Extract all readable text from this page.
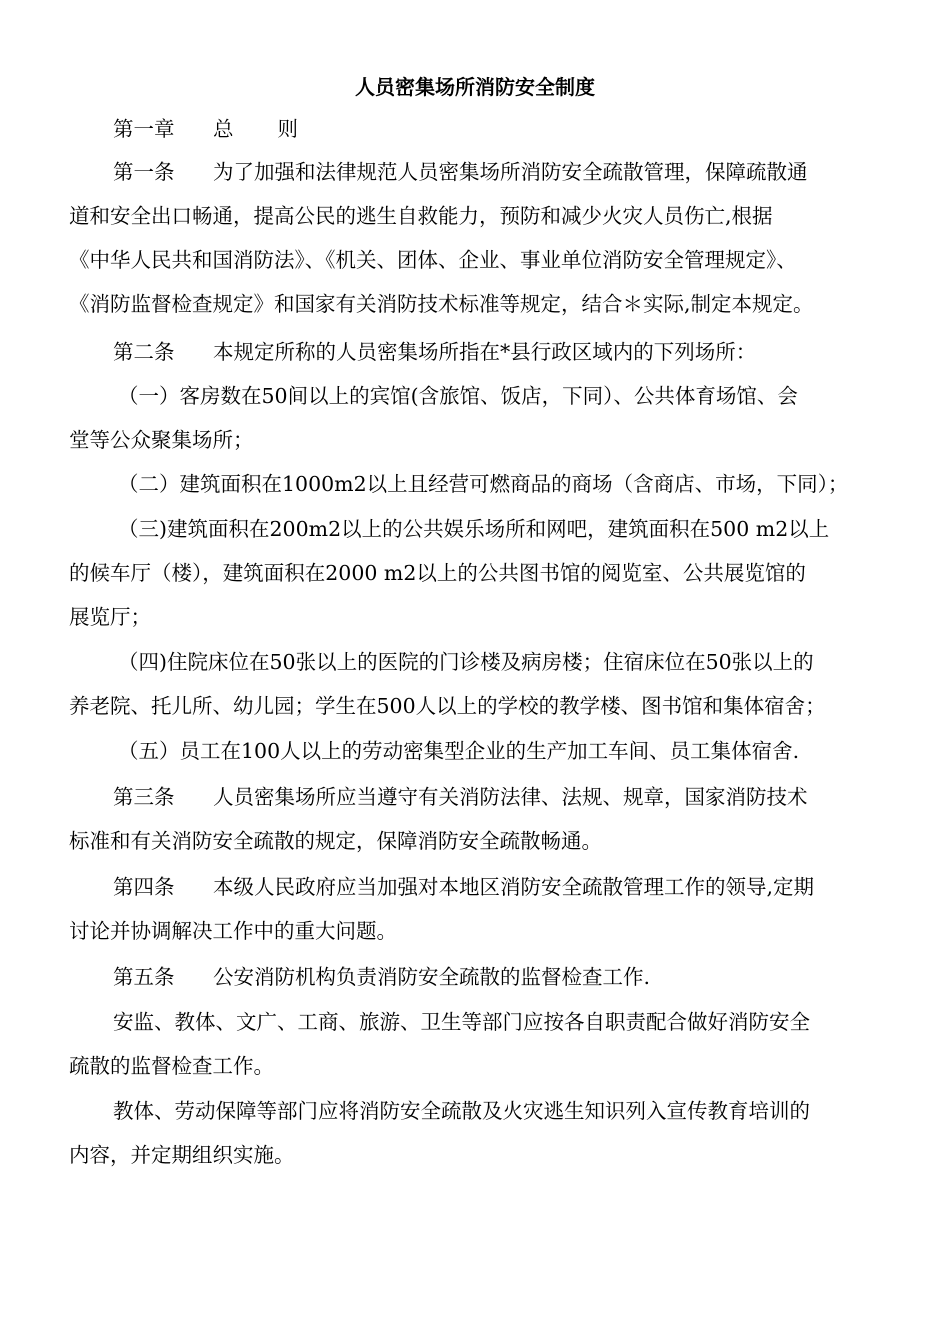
人员密集场所消防安全制度
第一章 总 则
第一条 为了加强和法律规范人员密集场所消防安全疏散管理，保障疏散通
道和安全出口畅通，提高公民的逃生自救能力，预防和减少火灾人员伤亡,根据
《中华人民共和国消防法》、《机关、团体、企业、事业单位消防安全管理规定》、
《消防监督检查规定》和国家有关消防技术标准等规定，结合＊实际,制定本规定。
第二条 本规定所称的人员密集场所指在*县行政区域内的下列场所：
（一）客房数在50间以上的宾馆(含旅馆、饭店，下同）、公共体育场馆、会
堂等公众聚集场所；
（二）建筑面积在1000m2以上且经营可燃商品的商场（含商店、市场，下同）；
（三)建筑面积在200m2以上的公共娱乐场所和网吧，建筑面积在500 m2以上
的候车厅（楼），建筑面积在2000 m2以上的公共图书馆的阅览室、公共展览馆的
展览厅；
（四)住院床位在50张以上的医院的门诊楼及病房楼；住宿床位在50张以上的
养老院、托儿所、幼儿园；学生在500人以上的学校的教学楼、图书馆和集体宿舍；
（五）员工在100人以上的劳动密集型企业的生产加工车间、员工集体宿舍.
第三条 人员密集场所应当遵守有关消防法律、法规、规章，国家消防技术
标准和有关消防安全疏散的规定，保障消防安全疏散畅通。
第四条 本级人民政府应当加强对本地区消防安全疏散管理工作的领导,定期
讨论并协调解决工作中的重大问题。
第五条 公安消防机构负责消防安全疏散的监督检查工作.
安监、教体、文广、工商、旅游、卫生等部门应按各自职责配合做好消防安全
疏散的监督检查工作。
教体、劳动保障等部门应将消防安全疏散及火灾逃生知识列入宣传教育培训的
内容，并定期组织实施。
